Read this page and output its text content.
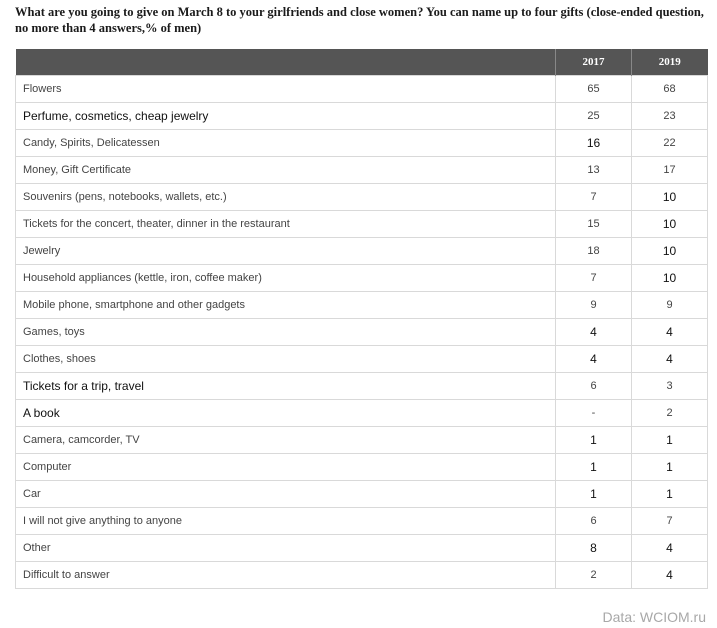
What are you going to give on March 8 to your girlfriends and close women? You can name up to four gifts (close-ended question, no more than 4 answers,% of men)
	2017	2019
Flowers	65	68
Perfume, cosmetics, cheap jewelry	25	23
Candy, Spirits, Delicatessen	16	22
Money, Gift Certificate	13	17
Souvenirs (pens, notebooks, wallets, etc.)	7	10
Tickets for the concert, theater, dinner in the restaurant	15	10
Jewelry	18	10
Household appliances (kettle, iron, coffee maker)	7	10
Mobile phone, smartphone and other gadgets	9	9
Games, toys	4	4
Clothes, shoes	4	4
Tickets for a trip, travel	6	3
A book	-	2
Camera, camcorder, TV	1	1
Computer	1	1
Car	1	1
I will not give anything to anyone	6	7
Other	8	4
Difficult to answer	2	4
Data: WCIOM.ru
